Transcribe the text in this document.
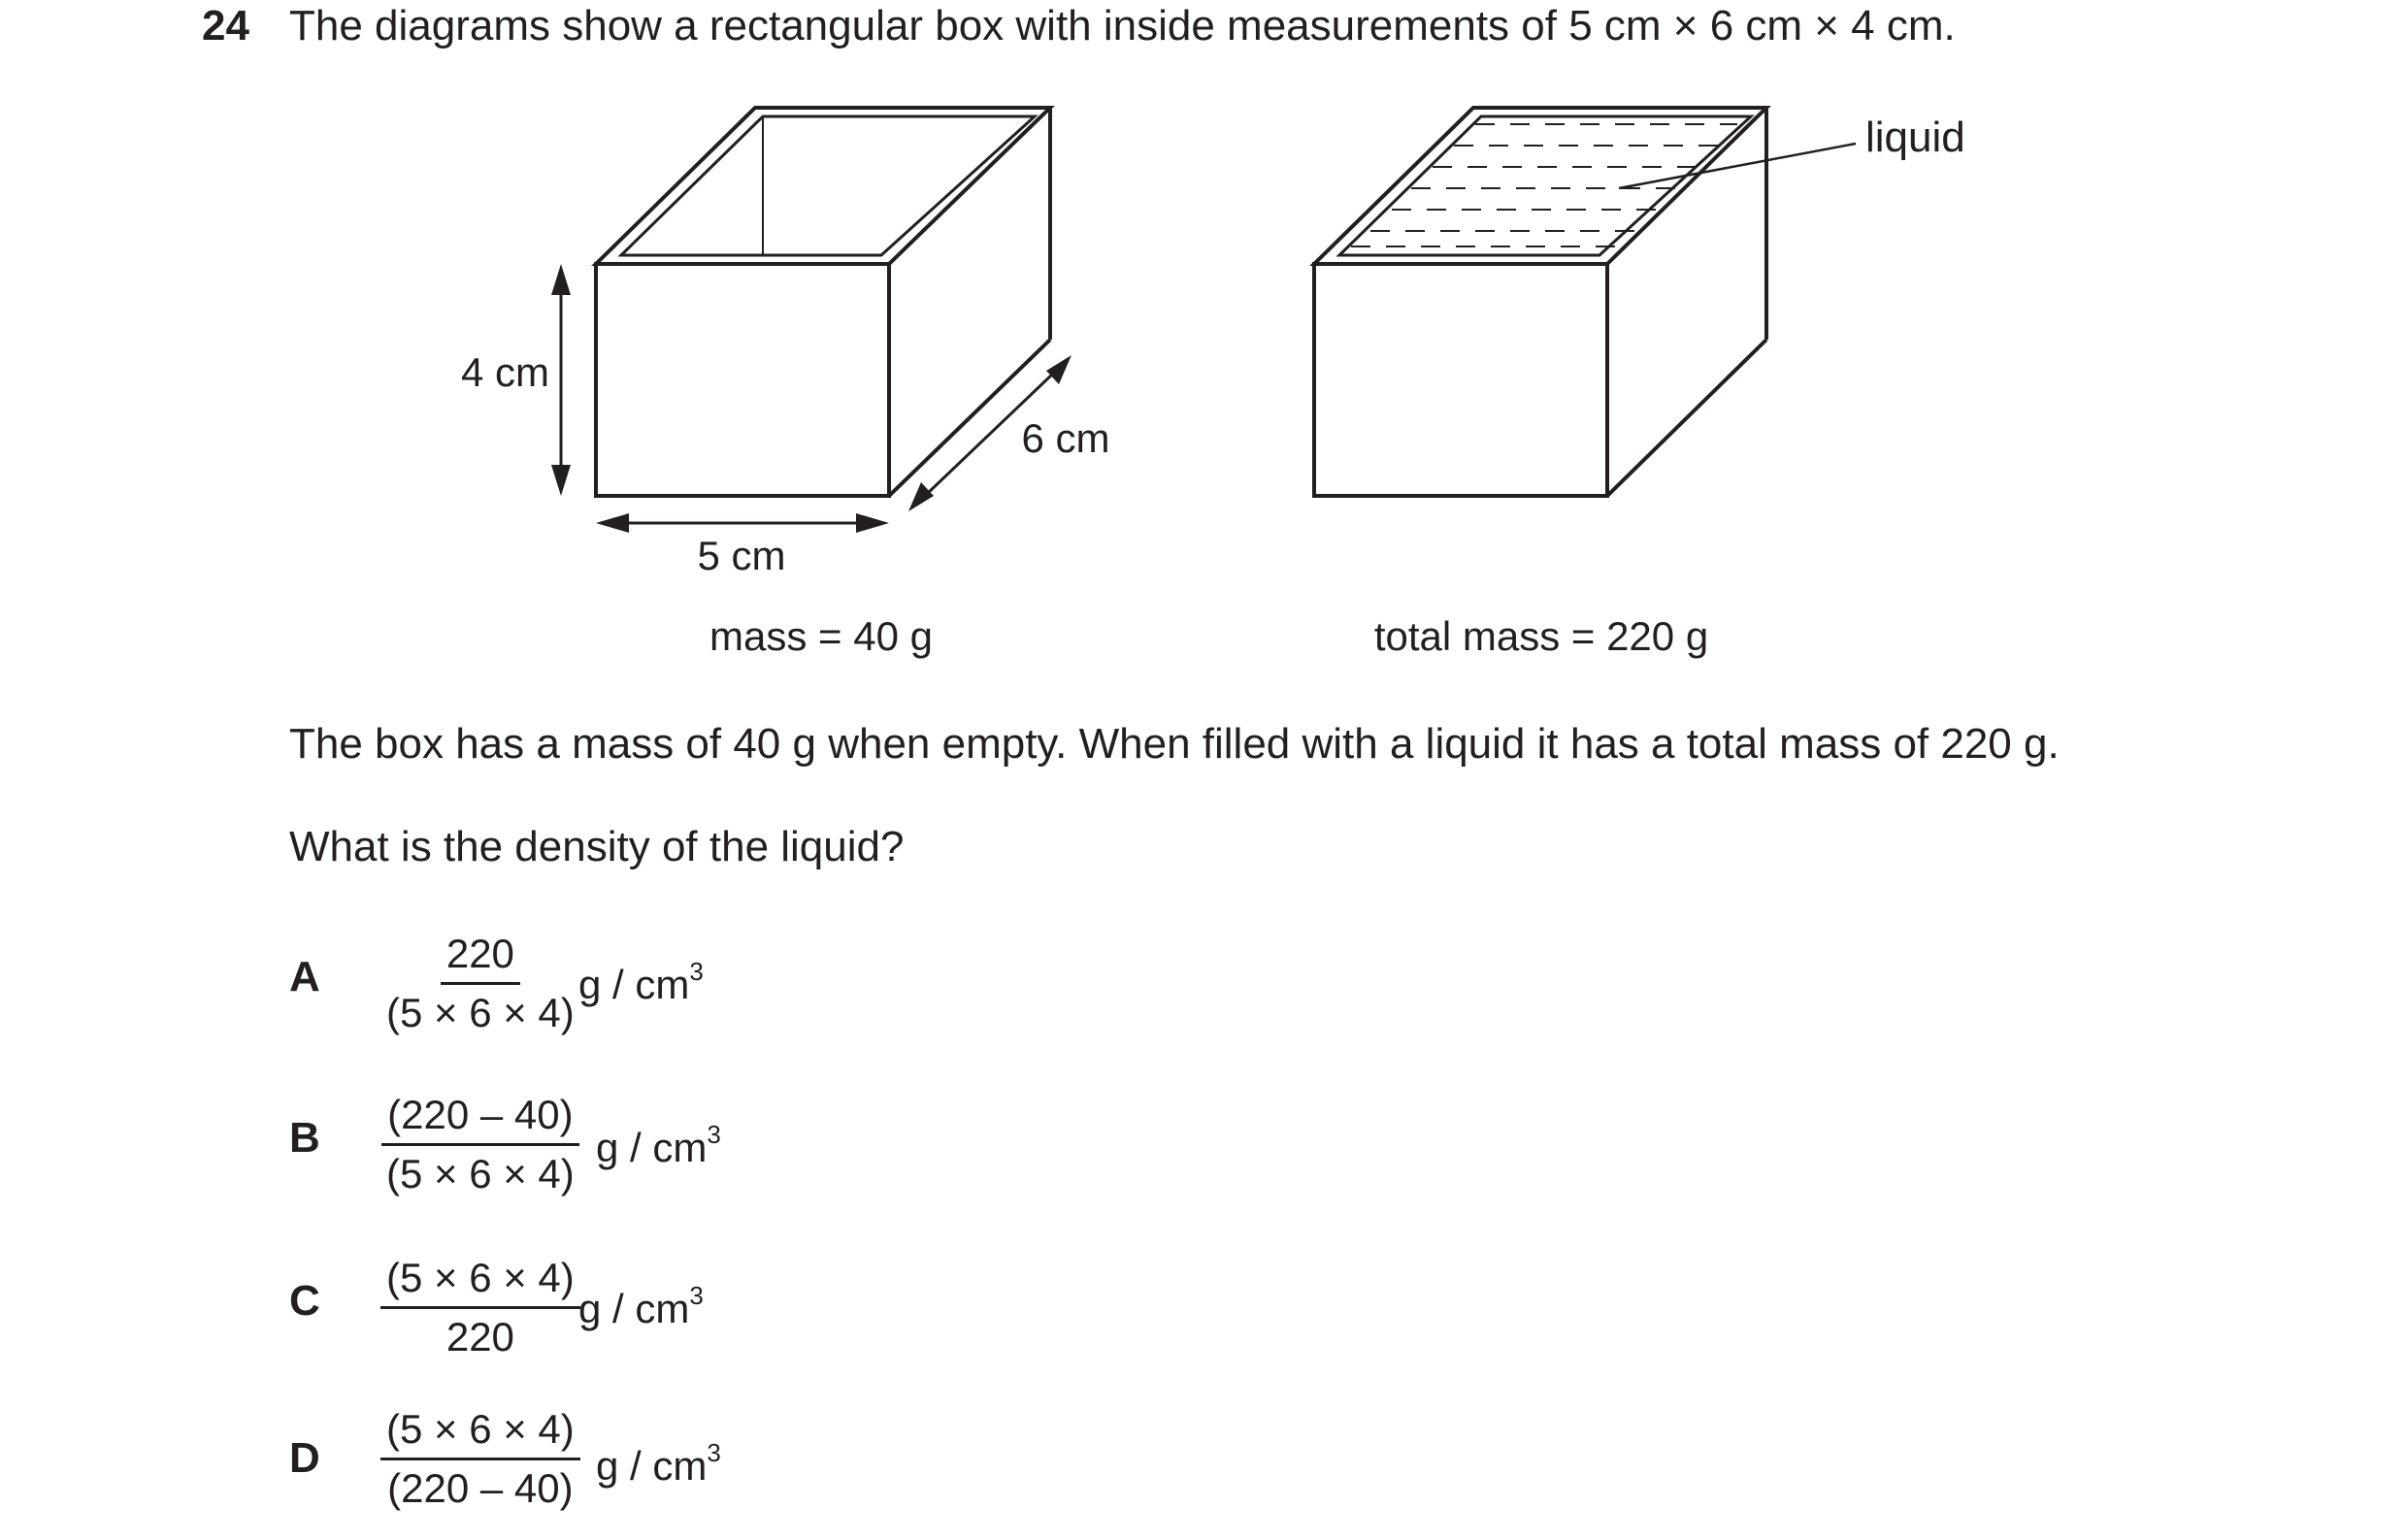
24 The diagrams show a rectangular box with inside measurements of 5 cm × 6 cm × 4 cm.
4 cm
5 cm
6 cm
mass = 40 g
liquid
total mass = 220 g
The box has a mass of 40 g when empty. When filled with a liquid it has a total mass of 220 g.
What is the density of the liquid?
A $\frac{220}{(5 \times 6 \times 4)}$
g / $cm^3$
B $\frac{(220 - 40)}{(5 \times 6 \times 4)}$ g / $cm^3$
C $\frac{(5 \times 6 \times 4)}{220}$
g / $cm^3$
D $\frac{(5 \times 6 \times 4)}{(220 - 40)}$ g / $cm^3$
